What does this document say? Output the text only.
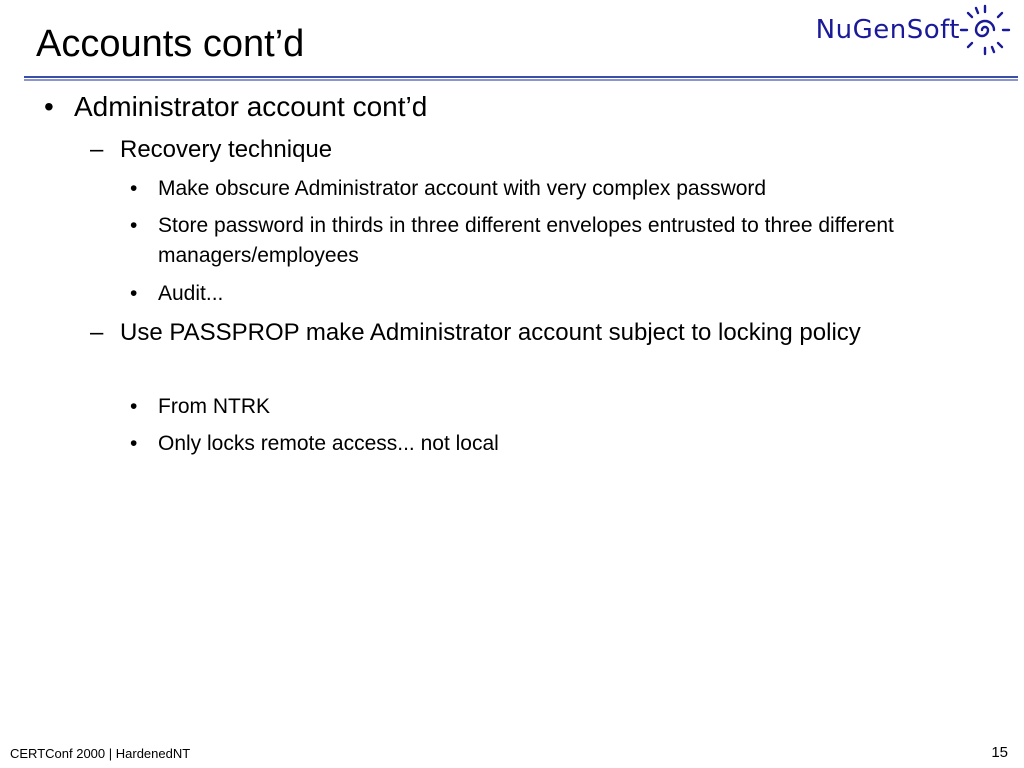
Accounts cont’d	NuGenSoft
• Administrator account cont’d
– Recovery technique
• Make obscure Administrator account with very complex password
• Store password in thirds in three different envelopes entrusted to three different managers/employees
• Audit...
– Use PASSPROP make Administrator account subject to locking policy
• From NTRK
• Only locks remote access... not local
CERTConf 2000 | HardenedNT	15
